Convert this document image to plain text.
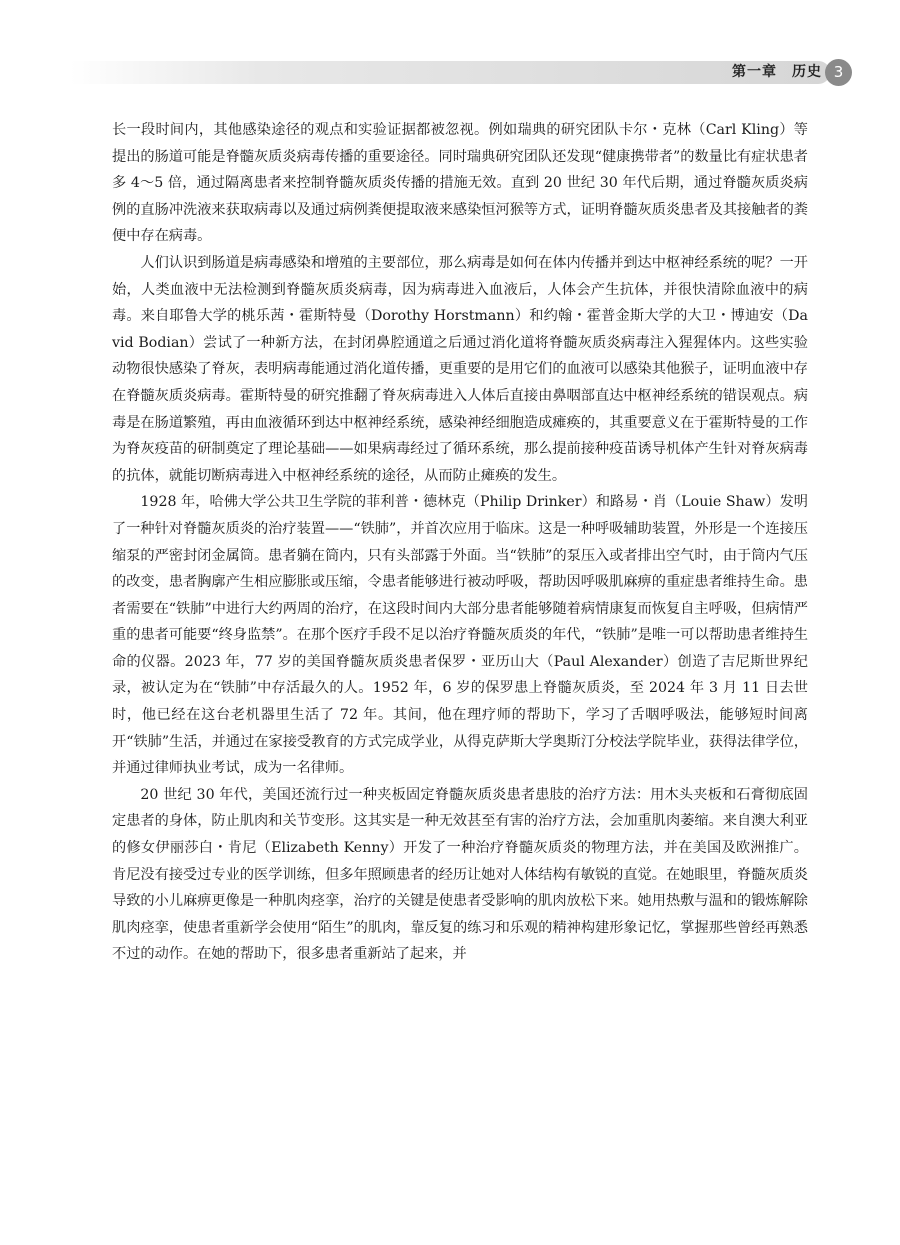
第一章　历史 3

长一段时间内，其他感染途径的观点和实验证据都被忽视。例如瑞典的研究团队卡尔・克林（Carl Kling）等提出的肠道可能是脊髓灰质炎病毒传播的重要途径。同时瑞典研究团队还发现“健康携带者”的数量比有症状患者多 4～5 倍，通过隔离患者来控制脊髓灰质炎传播的措施无效。直到 20 世纪 30 年代后期，通过脊髓灰质炎病例的直肠冲洗液来获取病毒以及通过病例粪便提取液来感染恒河猴等方式，证明脊髓灰质炎患者及其接触者的粪便中存在病毒。

人们认识到肠道是病毒感染和增殖的主要部位，那么病毒是如何在体内传播并到达中枢神经系统的呢？一开始，人类血液中无法检测到脊髓灰质炎病毒，因为病毒进入血液后，人体会产生抗体，并很快清除血液中的病毒。来自耶鲁大学的桃乐茜・霍斯特曼（Dorothy Horstmann）和约翰・霍普金斯大学的大卫・博迪安（David Bodian）尝试了一种新方法，在封闭鼻腔通道之后通过消化道将脊髓灰质炎病毒注入猩猩体内。这些实验动物很快感染了脊灰，表明病毒能通过消化道传播，更重要的是用它们的血液可以感染其他猴子，证明血液中存在脊髓灰质炎病毒。霍斯特曼的研究推翻了脊灰病毒进入人体后直接由鼻咽部直达中枢神经系统的错误观点。病毒是在肠道繁殖，再由血液循环到达中枢神经系统，感染神经细胞造成瘫痪的，其重要意义在于霍斯特曼的工作为脊灰疫苗的研制奠定了理论基础——如果病毒经过了循环系统，那么提前接种疫苗诱导机体产生针对脊灰病毒的抗体，就能切断病毒进入中枢神经系统的途径，从而防止瘫痪的发生。

1928 年，哈佛大学公共卫生学院的菲利普・德林克（Philip Drinker）和路易・肖（Louie Shaw）发明了一种针对脊髓灰质炎的治疗装置——“铁肺”，并首次应用于临床。这是一种呼吸辅助装置，外形是一个连接压缩泵的严密封闭金属筒。患者躺在筒内，只有头部露于外面。当“铁肺”的泵压入或者排出空气时，由于筒内气压的改变，患者胸廓产生相应膨胀或压缩，令患者能够进行被动呼吸，帮助因呼吸肌麻痹的重症患者维持生命。患者需要在“铁肺”中进行大约两周的治疗，在这段时间内大部分患者能够随着病情康复而恢复自主呼吸，但病情严重的患者可能要“终身监禁”。在那个医疗手段不足以治疗脊髓灰质炎的年代，“铁肺”是唯一可以帮助患者维持生命的仪器。2023 年，77 岁的美国脊髓灰质炎患者保罗・亚历山大（Paul Alexander）创造了吉尼斯世界纪录，被认定为在“铁肺”中存活最久的人。1952 年，6 岁的保罗患上脊髓灰质炎，至 2024 年 3 月 11 日去世时，他已经在这台老机器里生活了 72 年。其间，他在理疗师的帮助下，学习了舌咽呼吸法，能够短时间离开“铁肺”生活，并通过在家接受教育的方式完成学业，从得克萨斯大学奥斯汀分校法学院毕业，获得法律学位，并通过律师执业考试，成为一名律师。

20 世纪 30 年代，美国还流行过一种夹板固定脊髓灰质炎患者患肢的治疗方法：用木头夹板和石膏彻底固定患者的身体，防止肌肉和关节变形。这其实是一种无效甚至有害的治疗方法，会加重肌肉萎缩。来自澳大利亚的修女伊丽莎白・肯尼（Elizabeth Kenny）开发了一种治疗脊髓灰质炎的物理方法，并在美国及欧洲推广。肯尼没有接受过专业的医学训练，但多年照顾患者的经历让她对人体结构有敏锐的直觉。在她眼里，脊髓灰质炎导致的小儿麻痹更像是一种肌肉痉挛，治疗的关键是使患者受影响的肌肉放松下来。她用热敷与温和的锻炼解除肌肉痉挛，使患者重新学会使用“陌生”的肌肉，靠反复的练习和乐观的精神构建形象记忆，掌握那些曾经再熟悉不过的动作。在她的帮助下，很多患者重新站了起来，并
